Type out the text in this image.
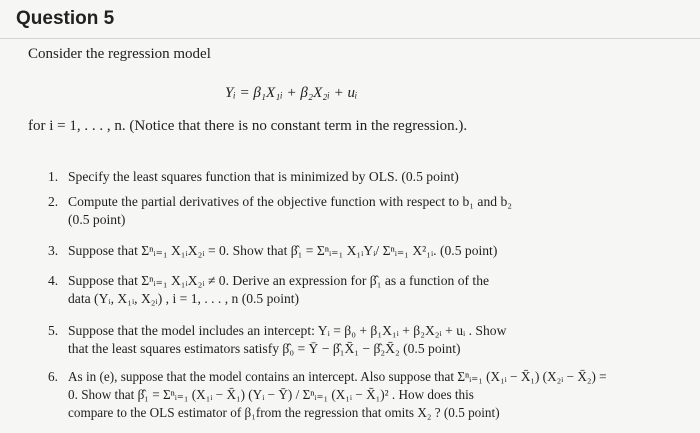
Question 5
Consider the regression model
Yᵢ = β₁X₁ᵢ + β₂X₂ᵢ + uᵢ
for i = 1, . . . , n. (Notice that there is no constant term in the regression.).
1. Specify the least squares function that is minimized by OLS. (0.5 point)
2. Compute the partial derivatives of the objective function with respect to b₁ and b₂
(0.5 point)
3. Suppose that Σⁿᵢ₌₁ X₁ᵢX₂ᵢ = 0. Show that β̂₁ = Σⁿᵢ₌₁ X₁ᵢYᵢ/ Σⁿᵢ₌₁ X²₁ᵢ. (0.5 point)
4. Suppose that Σⁿᵢ₌₁ X₁ᵢX₂ᵢ ≠ 0. Derive an expression for β̂₁ as a function of the
data (Yᵢ, X₁ᵢ, X₂ᵢ) , i = 1, . . . , n (0.5 point)
5. Suppose that the model includes an intercept: Yᵢ = β₀ + β₁X₁ᵢ + β₂X₂ᵢ + uᵢ . Show
that the least squares estimators satisfy β̂₀ = Ȳ − β̂₁X̄₁ − β̂₂X̄₂ (0.5 point)
6. As in (e), suppose that the model contains an intercept. Also suppose that Σⁿᵢ₌₁ (X₁ᵢ − X̄₁) (X₂ᵢ − X̄₂) =
0. Show that β̂₁ = Σⁿᵢ₌₁ (X₁ᵢ − X̄₁) (Yᵢ − Ȳ) / Σⁿᵢ₌₁ (X₁ᵢ − X̄₁)² . How does this
compare to the OLS estimator of β₁from the regression that omits X₂ ? (0.5 point)
